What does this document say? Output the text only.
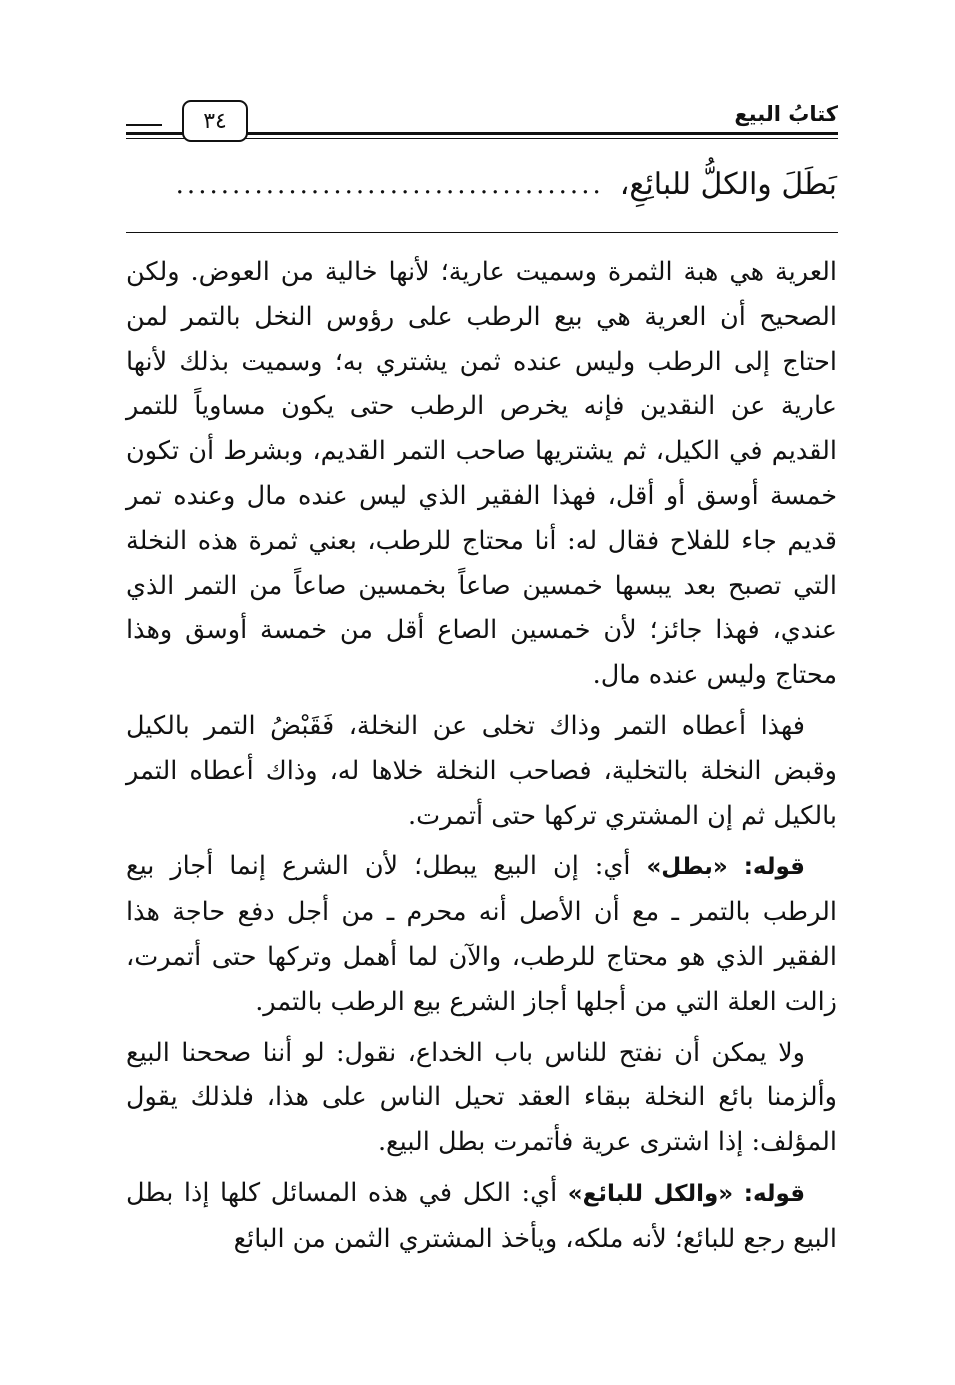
كتابُ البيع
٣٤
بَطَلَ والكلُّ للبائِعِ،
......................................

العرية هي هبة الثمرة وسميت عارية؛ لأنها خالية من العوض. ولكن الصحيح أن العرية هي بيع الرطب على رؤوس النخل بالتمر لمن احتاج إلى الرطب وليس عنده ثمن يشتري به؛ وسميت بذلك لأنها عارية عن النقدين فإنه يخرص الرطب حتى يكون مساوياً للتمر القديم في الكيل، ثم يشتريها صاحب التمر القديم، وبشرط أن تكون خمسة أوسق أو أقل، فهذا الفقير الذي ليس عنده مال وعنده تمر قديم جاء للفلاح فقال له: أنا محتاج للرطب، بعني ثمرة هذه النخلة التي تصبح بعد يبسها خمسين صاعاً بخمسين صاعاً من التمر الذي عندي، فهذا جائز؛ لأن خمسين الصاع أقل من خمسة أوسق وهذا محتاج وليس عنده مال.

فهذا أعطاه التمر وذاك تخلى عن النخلة، فَقَبْضُ التمر بالكيل وقبض النخلة بالتخلية، فصاحب النخلة خلاها له، وذاك أعطاه التمر بالكيل ثم إن المشتري تركها حتى أتمرت.

قوله: «بطل» أي: إن البيع يبطل؛ لأن الشرع إنما أجاز بيع الرطب بالتمر ـ مع أن الأصل أنه محرم ـ من أجل دفع حاجة هذا الفقير الذي هو محتاج للرطب، والآن لما أهمل وتركها حتى أتمرت، زالت العلة التي من أجلها أجاز الشرع بيع الرطب بالتمر.

ولا يمكن أن نفتح للناس باب الخداع، نقول: لو أننا صححنا البيع وألزمنا بائع النخلة ببقاء العقد تحيل الناس على هذا، فلذلك يقول المؤلف: إذا اشترى عرية فأتمرت بطل البيع.

قوله: «والكل للبائع» أي: الكل في هذه المسائل كلها إذا بطل البيع رجع للبائع؛ لأنه ملكه، ويأخذ المشتري الثمن من البائع
